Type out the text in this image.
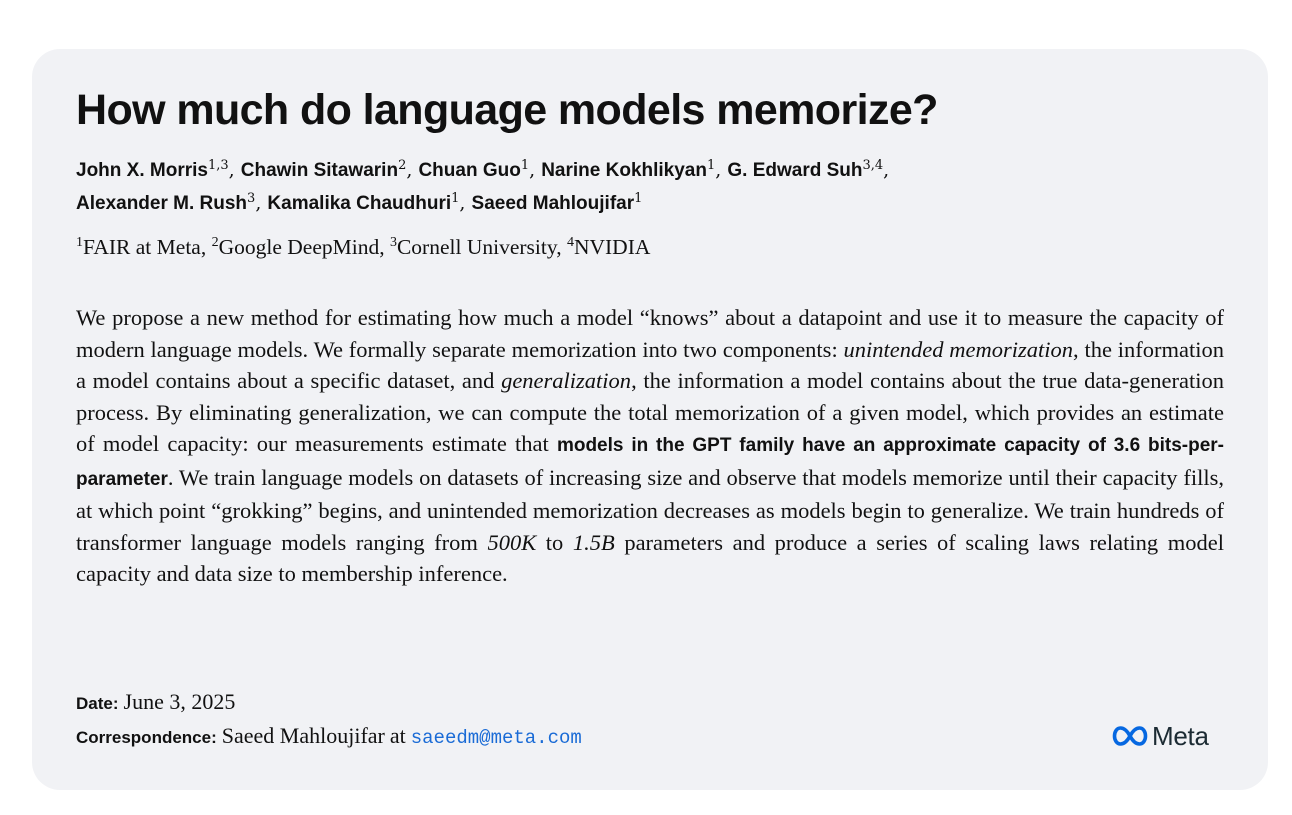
How much do language models memorize?
John X. Morris$^{1,3}$, Chawin Sitawarin$^2$, Chuan Guo$^1$, Narine Kokhlikyan$^1$, G. Edward Suh$^{3,4}$,
Alexander M. Rush$^3$, Kamalika Chaudhuri$^1$, Saeed Mahloujifar$^1$
$^1$FAIR at Meta, $^2$Google DeepMind, $^3$Cornell University, $^4$NVIDIA

We propose a new method for estimating how much a model “knows” about a datapoint and use it to measure the capacity of modern language models. We formally separate memorization into two components: unintended memorization, the information a model contains about a specific dataset, and generalization, the information a model contains about the true data-generation process. By eliminating generalization, we can compute the total memorization of a given model, which provides an estimate of model capacity: our measurements estimate that models in the GPT family have an approximate capacity of 3.6 bits-per-parameter. We train language models on datasets of increasing size and observe that models memorize until their capacity fills, at which point “grokking” begins, and unintended memorization decreases as models begin to generalize. We train hundreds of transformer language models ranging from 500K to 1.5B parameters and produce a series of scaling laws relating model capacity and data size to membership inference.

Date: June 3, 2025
Correspondence: Saeed Mahloujifar at saeedm@meta.com	Meta
